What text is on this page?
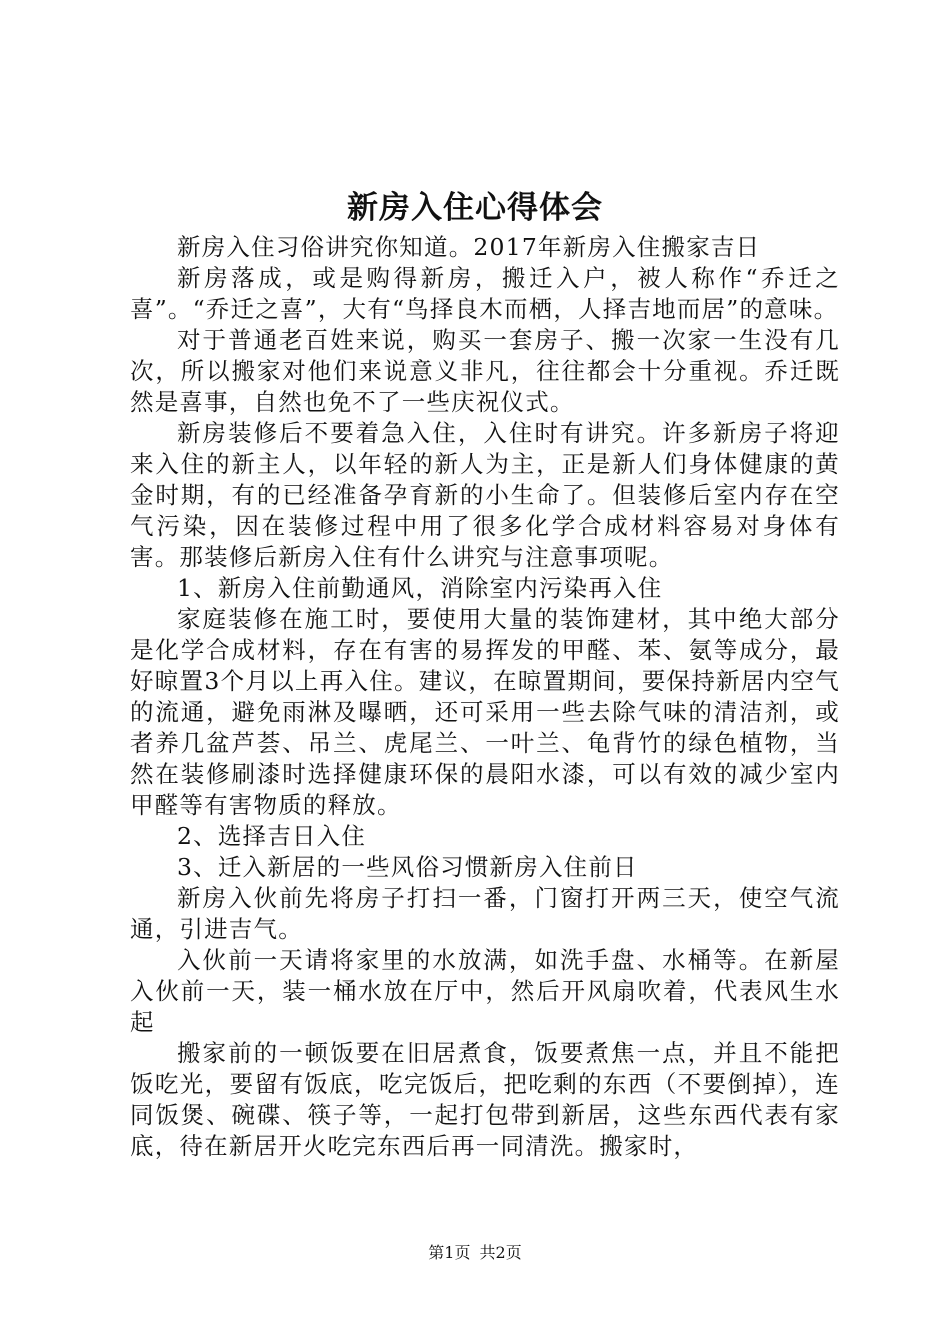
新房入住心得体会

新房入住习俗讲究你知道。2017年新房入住搬家吉日

新房落成，或是购得新房，搬迁入户，被人称作“乔迁之喜”。“乔迁之喜”，大有“鸟择良木而栖，人择吉地而居”的意味。

对于普通老百姓来说，购买一套房子、搬一次家一生没有几次，所以搬家对他们来说意义非凡，往往都会十分重视。乔迁既然是喜事，自然也免不了一些庆祝仪式。

新房装修后不要着急入住，入住时有讲究。许多新房子将迎来入住的新主人，以年轻的新人为主，正是新人们身体健康的黄金时期，有的已经准备孕育新的小生命了。但装修后室内存在空气污染，因在装修过程中用了很多化学合成材料容易对身体有害。那装修后新房入住有什么讲究与注意事项呢。

1、新房入住前勤通风，消除室内污染再入住

家庭装修在施工时，要使用大量的装饰建材，其中绝大部分是化学合成材料，存在有害的易挥发的甲醛、苯、氨等成分，最好晾置3个月以上再入住。建议，在晾置期间，要保持新居内空气的流通，避免雨淋及曝晒，还可采用一些去除气味的清洁剂，或者养几盆芦荟、吊兰、虎尾兰、一叶兰、龟背竹的绿色植物，当然在装修刷漆时选择健康环保的晨阳水漆，可以有效的减少室内甲醛等有害物质的释放。

2、选择吉日入住

3、迁入新居的一些风俗习惯新房入住前日

新房入伙前先将房子打扫一番，门窗打开两三天，使空气流通，引进吉气。

入伙前一天请将家里的水放满，如洗手盘、水桶等。在新屋入伙前一天，装一桶水放在厅中，然后开风扇吹着，代表风生水起

搬家前的一顿饭要在旧居煮食，饭要煮焦一点，并且不能把饭吃光，要留有饭底，吃完饭后，把吃剩的东西（不要倒掉），连同饭煲、碗碟、筷子等，一起打包带到新居，这些东西代表有家底，待在新居开火吃完东西后再一同清洗。搬家时，

第1页 共2页
